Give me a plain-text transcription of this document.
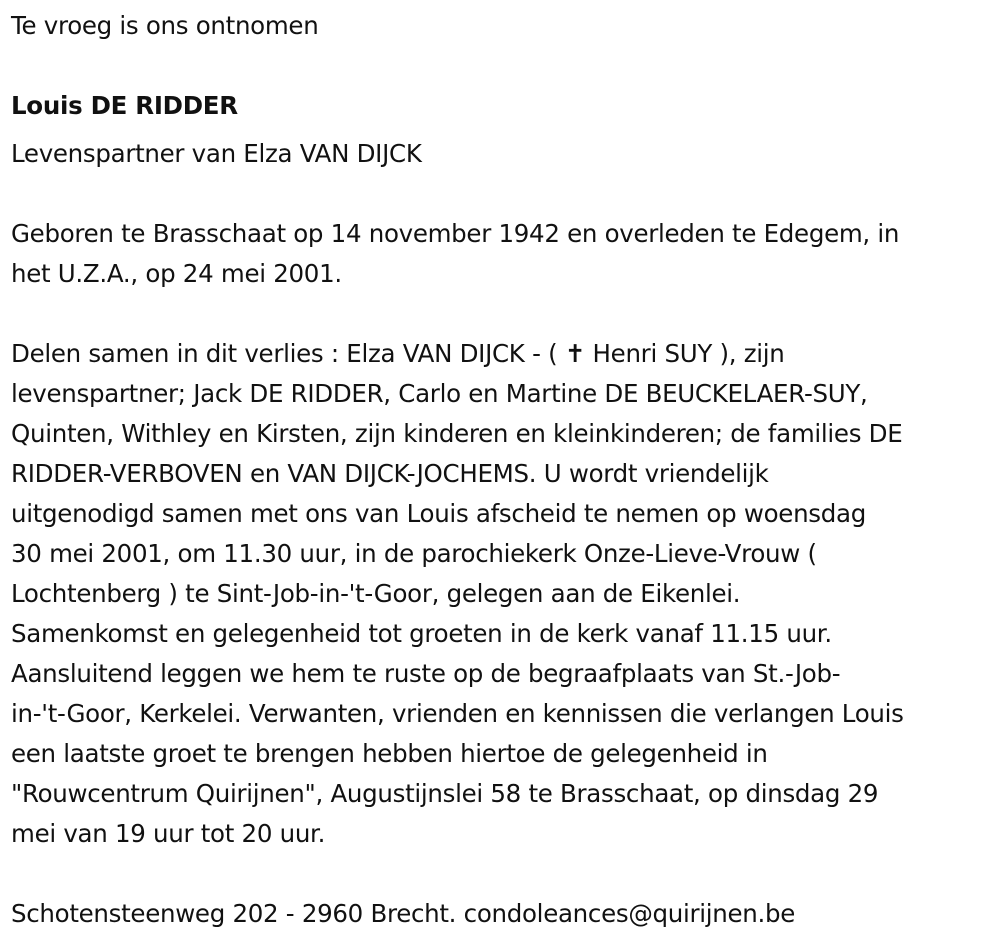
Te vroeg is ons ontnomen

Louis DE RIDDER

Levenspartner van Elza VAN DIJCK

Geboren te Brasschaat op 14 november 1942 en overleden te Edegem, in

het U.Z.A., op 24 mei 2001.

Delen samen in dit verlies : Elza VAN DIJCK - ( ✝ Henri SUY ), zijn

levenspartner; Jack DE RIDDER, Carlo en Martine DE BEUCKELAER-SUY,

Quinten, Withley en Kirsten, zijn kinderen en kleinkinderen; de families DE

RIDDER-VERBOVEN en VAN DIJCK-JOCHEMS. U wordt vriendelijk

uitgenodigd samen met ons van Louis afscheid te nemen op woensdag

30 mei 2001, om 11.30 uur, in de parochiekerk Onze-Lieve-Vrouw (

Lochtenberg ) te Sint-Job-in-'t-Goor, gelegen aan de Eikenlei.

Samenkomst en gelegenheid tot groeten in de kerk vanaf 11.15 uur.

Aansluitend leggen we hem te ruste op de begraafplaats van St.-Job-

in-'t-Goor, Kerkelei. Verwanten, vrienden en kennissen die verlangen Louis

een laatste groet te brengen hebben hiertoe de gelegenheid in

"Rouwcentrum Quirijnen", Augustijnslei 58 te Brasschaat, op dinsdag 29

mei van 19 uur tot 20 uur.

Schotensteenweg 202 - 2960 Brecht. condoleances@quirijnen.be
